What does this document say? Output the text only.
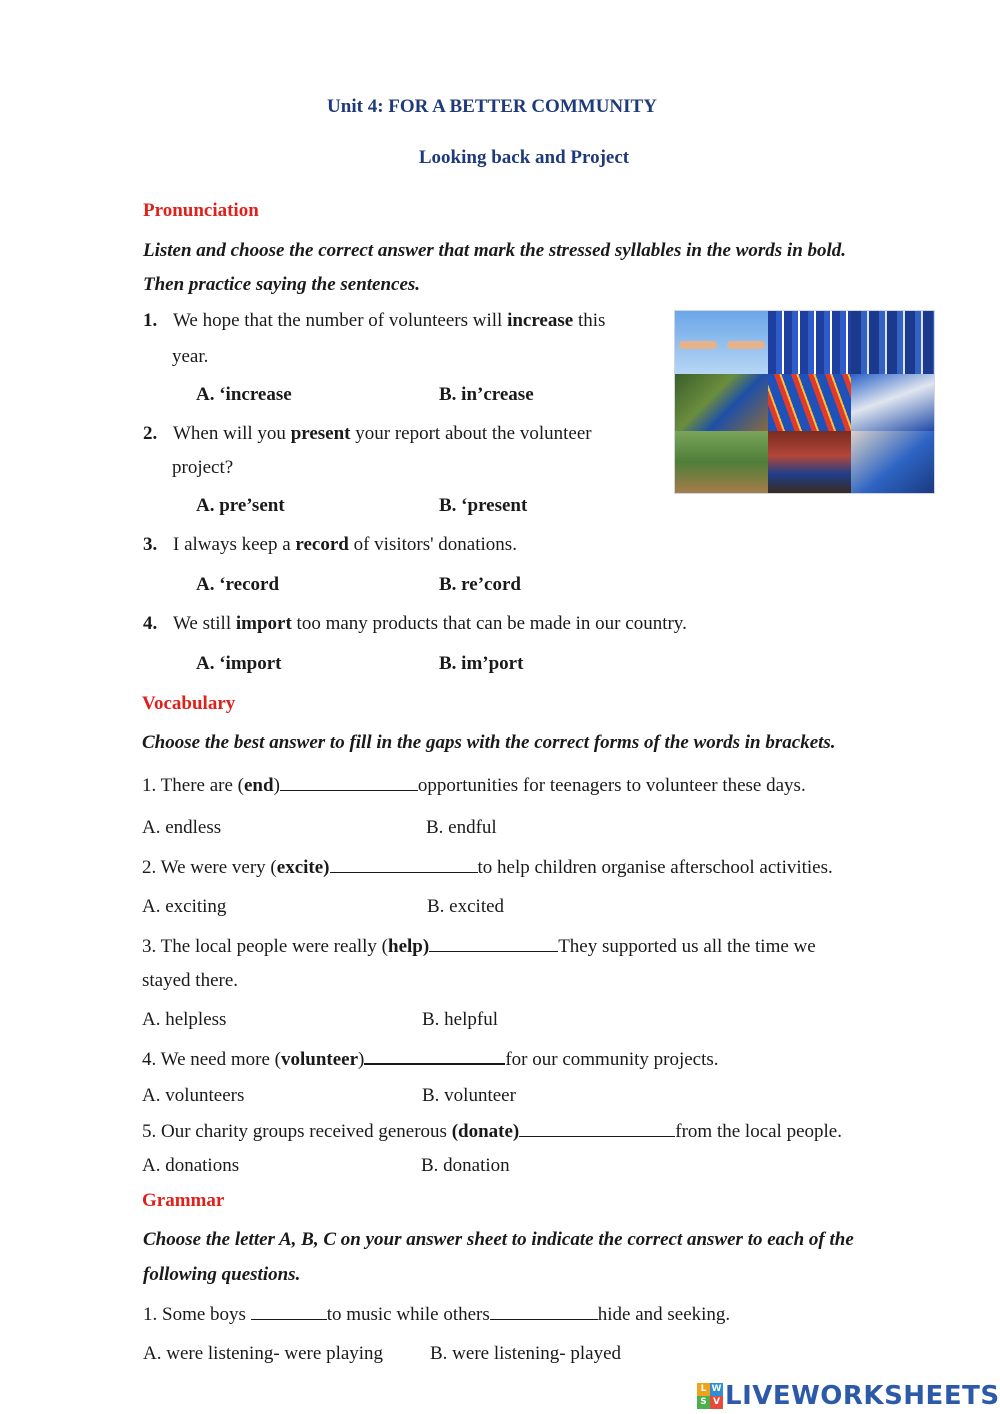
Unit 4: FOR A BETTER COMMUNITY
Looking back and Project
Pronunciation
Listen and choose the correct answer that mark the stressed syllables in the words in bold.
Then practice saying the sentences.
1. We hope that the number of volunteers will increase this
year.
A. ‘increase	B. in’crease
2. When will you present your report about the volunteer
project?
A. pre’sent	B. ‘present
3. I always keep a record of visitors' donations.
A. ‘record	B. re’cord
4. We still import too many products that can be made in our country.
A. ‘import	B. im’port
Vocabulary
Choose the best answer to fill in the gaps with the correct forms of the words in brackets.
1. There are (end)	opportunities for teenagers to volunteer these days.
A. endless	B. endful
2. We were very (excite)	to help children organise afterschool activities.
A. exciting	B. excited
3. The local people were really (help)	They supported us all the time we
stayed there.
A. helpless	B. helpful
4. We need more (volunteer)	for our community projects.
A. volunteers	B. volunteer
5. Our charity groups received generous (donate)	from the local people.
A. donations	B. donation
Grammar
Choose the letter A, B, C on your answer sheet to indicate the correct answer to each of the
following questions.
1. Some boys	to music while others	hide and seeking.
A. were listening- were playing B. were listening- played
L W
S V LIVEWORKSHEETS
